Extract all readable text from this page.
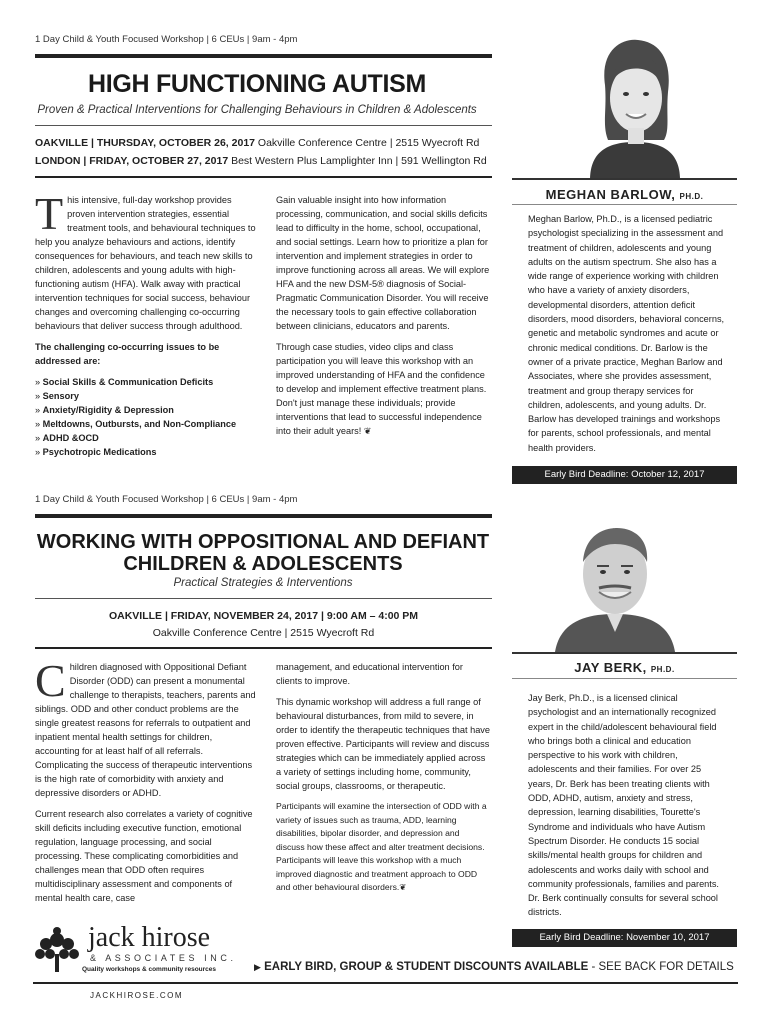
1 Day Child & Youth Focused Workshop | 6 CEUs | 9am - 4pm
HIGH FUNCTIONING AUTISM
Proven & Practical Interventions for Challenging Behaviours in Children & Adolescents
OAKVILLE | THURSDAY, OCTOBER 26, 2017 Oakville Conference Centre | 2515 Wyecroft Rd
LONDON | FRIDAY, OCTOBER 27, 2017 Best Western Plus Lamplighter Inn | 591 Wellington Rd

This intensive, full-day workshop provides proven intervention strategies, essential treatment tools, and behavioural techniques to help you analyze behaviours and actions, identify consequences for behaviours, and teach new skills to children, adolescents and young adults with high-functioning autism (HFA). Walk away with practical intervention techniques for social success, behaviour changes and overcoming challenging co-occurring behaviours that deliver success through adulthood.

The challenging co-occurring issues to be addressed are:

» Social Skills & Communication Deficits
» Sensory
» Anxiety/Rigidity & Depression
» Meltdowns, Outbursts, and Non-Compliance
» ADHD &OCD
» Psychotropic Medications

Gain valuable insight into how information processing, communication, and social skills deficits lead to difficulty in the home, school, occupational, and social settings. Learn how to prioritize a plan for intervention and implement strategies in order to improve functioning across all areas. We will explore HFA and the new DSM-5® diagnosis of Social-Pragmatic Communication Disorder. You will receive the necessary tools to gain effective collaboration between clinicians, educators and parents.

Through case studies, video clips and class participation you will leave this workshop with an improved understanding of HFA and the confidence to develop and implement effective treatment plans. Don't just manage these individuals; provide interventions that lead to successful independence into their adult years! ❦

MEGHAN BARLOW, PH.D.
Meghan Barlow, Ph.D., is a licensed pediatric psychologist specializing in the assessment and treatment of children, adolescents and young adults on the autism spectrum. She also has a wide range of experience working with children who have a variety of anxiety disorders, developmental disorders, attention deficit disorders, mood disorders, behavioral concerns, genetic and metabolic syndromes and acute or chronic medical conditions. Dr. Barlow is the owner of a private practice, Meghan Barlow and Associates, where she provides assessment, treatment and group therapy services for children, adolescents, and young adults. Dr. Barlow has developed trainings and workshops for parents, school professionals, and mental health providers.
Early Bird Deadline: October 12, 2017
1 Day Child & Youth Focused Workshop | 6 CEUs | 9am - 4pm
WORKING WITH OPPOSITIONAL AND DEFIANT
CHILDREN & ADOLESCENTS
Practical Strategies & Interventions
OAKVILLE | FRIDAY, NOVEMBER 24, 2017 | 9:00 AM – 4:00 PM
Oakville Conference Centre | 2515 Wyecroft Rd

Children diagnosed with Oppositional Defiant Disorder (ODD) can present a monumental challenge to therapists, teachers, parents and siblings. ODD and other conduct problems are the single greatest reasons for referrals to outpatient and inpatient mental health settings for children, accounting for at least half of all referrals. Complicating the success of therapeutic interventions is the high rate of comorbidity with anxiety and depressive disorders or ADHD.

Current research also correlates a variety of cognitive skill deficits including executive function, emotional regulation, language processing, and social processing. These complicating comorbidities and challenges mean that ODD often requires multidisciplinary assessment and components of mental health care, case

management, and educational intervention for clients to improve.

This dynamic workshop will address a full range of behavioural disturbances, from mild to severe, in order to identify the therapeutic techniques that have proven effective. Participants will review and discuss strategies which can be immediately applied across a variety of settings including home, community, social groups, classrooms, or therapeutic.

Participants will examine the intersection of ODD with a variety of issues such as trauma, ADD, learning disabilities, bipolar disorder, and depression and discuss how these affect and alter treatment decisions. Participants will leave this workshop with a much improved diagnostic and treatment approach to ODD and other behavioural disorders.❦

JAY BERK, PH.D.
Jay Berk, Ph.D., is a licensed clinical psychologist and an internationally recognized expert in the child/adolescent behavioural field who brings both a clinical and education perspective to his work with children, adolescents and their families. For over 25 years, Dr. Berk has been treating clients with ODD, ADHD, autism, anxiety and stress, depression, learning disabilities, Tourette's Syndrome and individuals who have Autism Spectrum Disorder. He conducts 15 social skills/mental health groups for children and adolescents and works daily with school and community professionals, families and parents. Dr. Berk continually consults for several school districts.
Early Bird Deadline: November 10, 2017
jack hirose
& ASSOCIATES INC.
Quality workshops & community resources	▶ EARLY BIRD, GROUP & STUDENT DISCOUNTS AVAILABLE - SEE BACK FOR DETAILS
JACKHIROSE.COM
